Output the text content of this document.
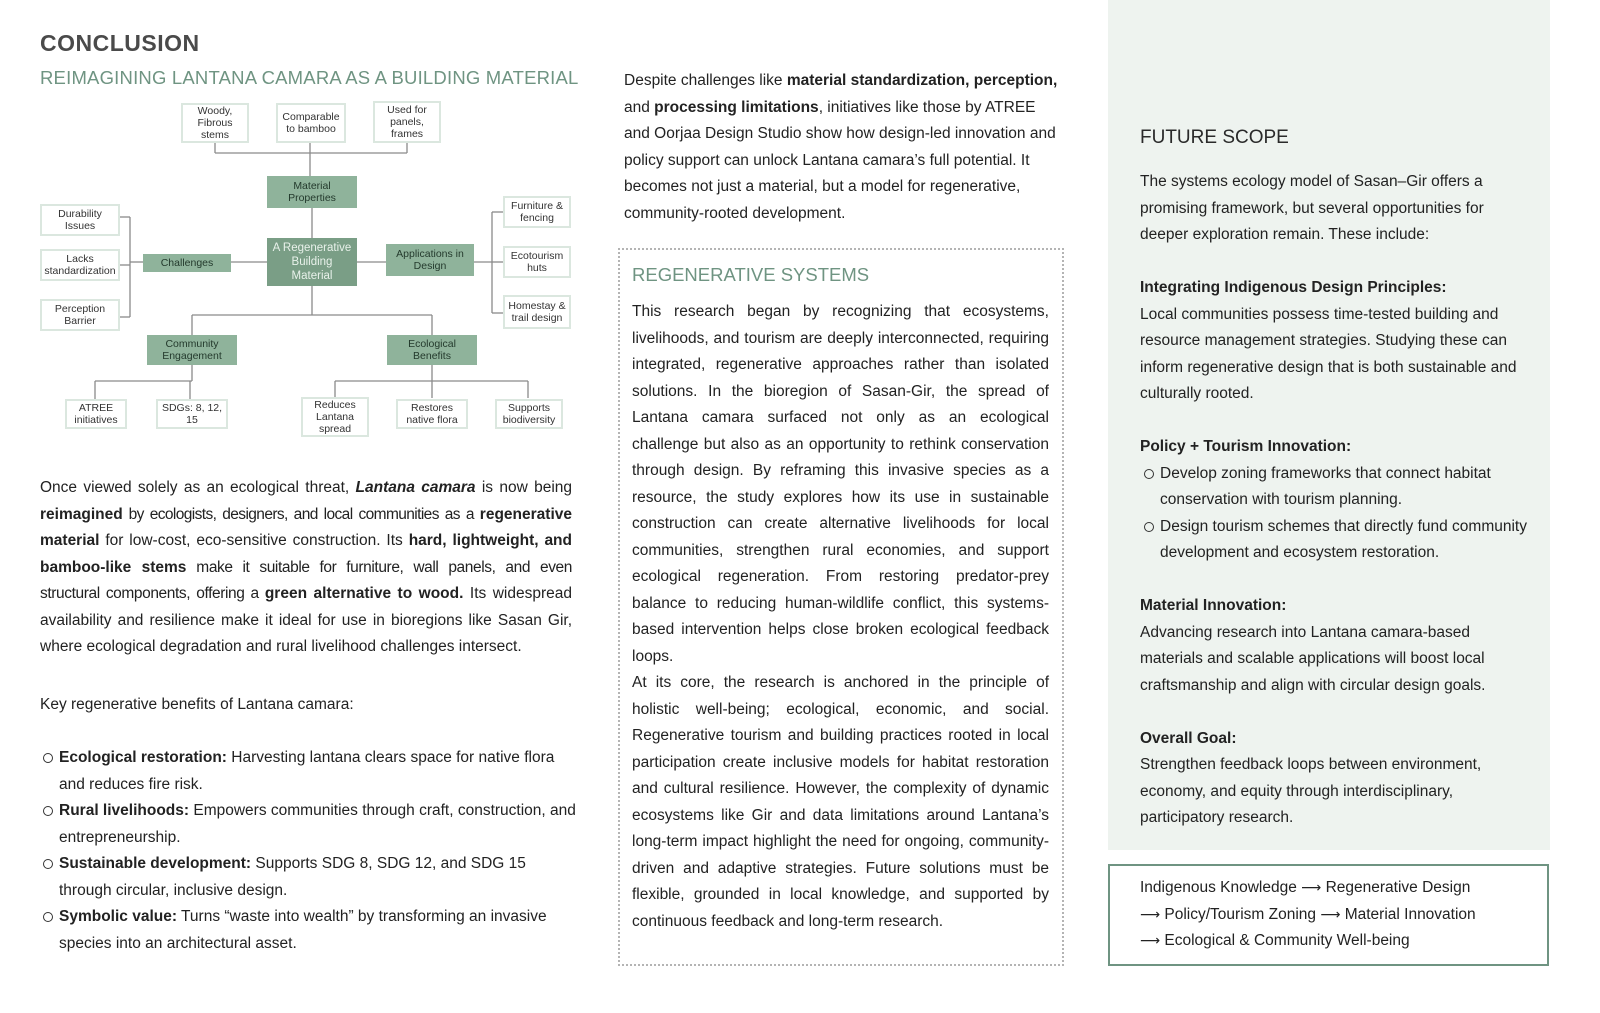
CONCLUSION
REIMAGINING LANTANA CAMARA AS A BUILDING MATERIAL
Woody, Fibrous stems
Comparable to bamboo
Used for panels, frames
Material Properties
A Regenerative Building Material
Durability Issues
Lacks standardization
Perception Barrier
Challenges
Applications in Design
Furniture & fencing
Ecotourism huts
Homestay & trail design
Community Engagement
Ecological Benefits
ATREE initiatives
SDGs: 8, 12, 15
Reduces Lantana spread
Restores native flora
Supports biodiversity
Once viewed solely as an ecological threat, Lantana camara is now being reimagined by ecologists, designers, and local communities as a regenerative material for low-cost, eco-sensitive construction. Its hard, lightweight, and bamboo-like stems make it suitable for furniture, wall panels, and even structural components, offering a green alternative to wood. Its widespread availability and resilience make it ideal for use in bioregions like Sasan Gir, where ecological degradation and rural livelihood challenges intersect.
Key regenerative benefits of Lantana camara:
Ecological restoration: Harvesting lantana clears space for native flora and reduces fire risk.
Rural livelihoods: Empowers communities through craft, construction, and entrepreneurship.
Sustainable development: Supports SDG 8, SDG 12, and SDG 15 through circular, inclusive design.
Symbolic value: Turns “waste into wealth” by transforming an invasive species into an architectural asset.
Despite challenges like material standardization, perception, and processing limitations, initiatives like those by ATREE and Oorjaa Design Studio show how design-led innovation and policy support can unlock Lantana camara’s full potential. It becomes not just a material, but a model for regenerative, community-rooted development.
REGENERATIVE SYSTEMS
This research began by recognizing that ecosystems, livelihoods, and tourism are deeply interconnected, requiring integrated, regenerative approaches rather than isolated solutions. In the bioregion of Sasan-Gir, the spread of Lantana camara surfaced not only as an ecological challenge but also as an opportunity to rethink conservation through design. By reframing this invasive species as a resource, the study explores how its use in sustainable construction can create alternative livelihoods for local communities, strengthen rural economies, and support ecological regeneration. From restoring predator-prey balance to reducing human-wildlife conflict, this systems-based intervention helps close broken ecological feedback loops.
At its core, the research is anchored in the principle of holistic well-being; ecological, economic, and social. Regenerative tourism and building practices rooted in local participation create inclusive models for habitat restoration and cultural resilience. However, the complexity of dynamic ecosystems like Gir and data limitations around Lantana’s long-term impact highlight the need for ongoing, community-driven and adaptive strategies. Future solutions must be flexible, grounded in local knowledge, and supported by continuous feedback and long-term research.
FUTURE SCOPE
The systems ecology model of Sasan–Gir offers a promising framework, but several opportunities for deeper exploration remain. These include:
Integrating Indigenous Design Principles:
Local communities possess time-tested building and resource management strategies. Studying these can inform regenerative design that is both sustainable and culturally rooted.
Policy + Tourism Innovation:
Develop zoning frameworks that connect habitat conservation with tourism planning.
Design tourism schemes that directly fund community development and ecosystem restoration.
Material Innovation:
Advancing research into Lantana camara-based materials and scalable applications will boost local craftsmanship and align with circular design goals.
Overall Goal:
Strengthen feedback loops between environment, economy, and equity through interdisciplinary, participatory research.
Indigenous Knowledge ⟶ Regenerative Design
⟶ Policy/Tourism Zoning ⟶ Material Innovation
⟶ Ecological & Community Well-being
